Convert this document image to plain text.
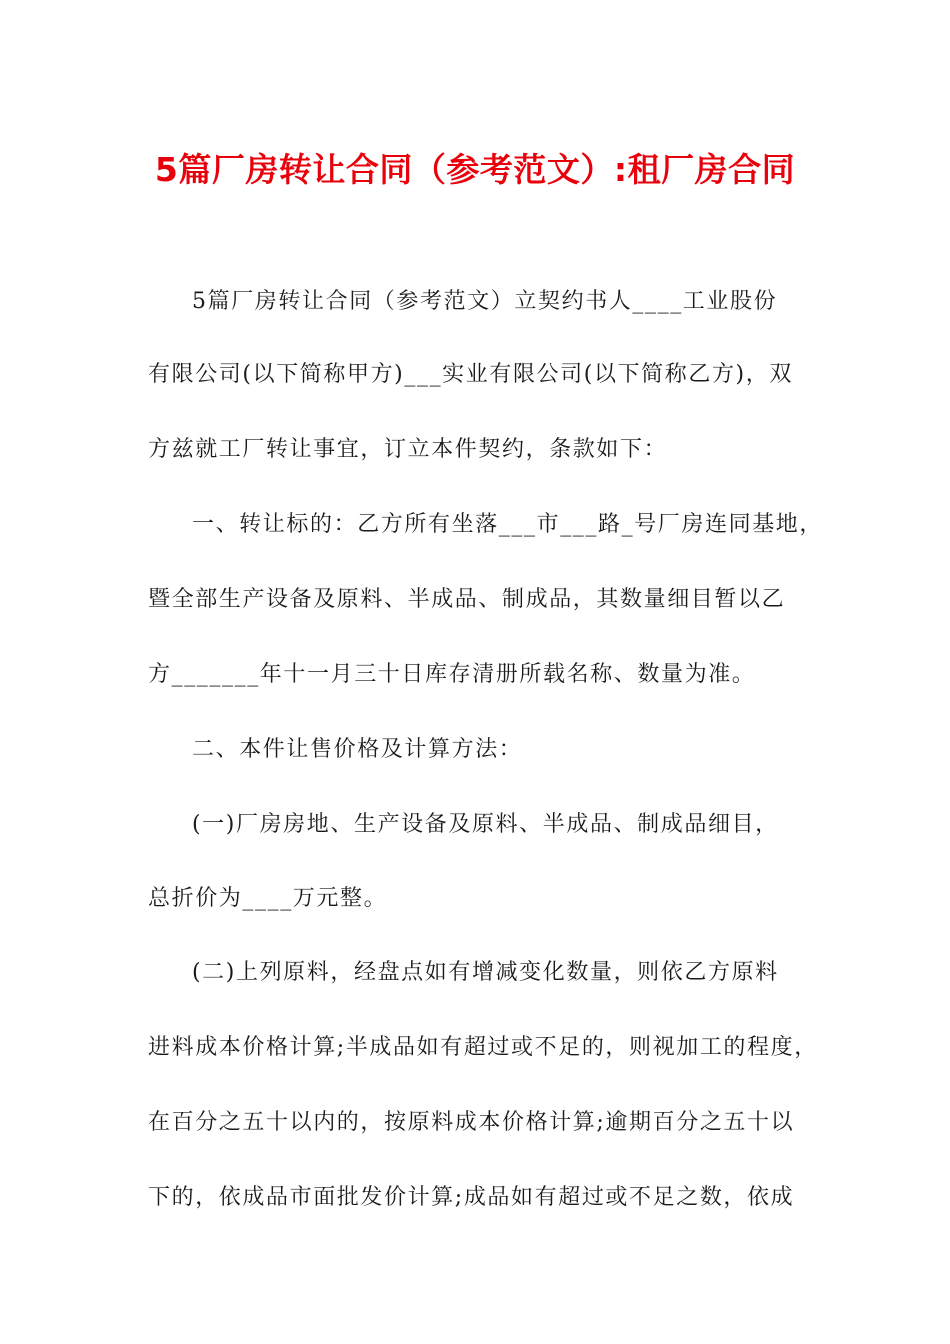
5篇厂房转让合同（参考范文）:租厂房合同
5篇厂房转让合同（参考范文）立契约书人____工业股份
有限公司(以下简称甲方)___实业有限公司(以下简称乙方)，双
方兹就工厂转让事宜，订立本件契约，条款如下：
一、转让标的：乙方所有坐落___市___路_号厂房连同基地，
暨全部生产设备及原料、半成品、制成品，其数量细目暂以乙
方_______年十一月三十日库存清册所载名称、数量为准。
二、本件让售价格及计算方法：
(一)厂房房地、生产设备及原料、半成品、制成品细目，
总折价为____万元整。
(二)上列原料，经盘点如有增减变化数量，则依乙方原料
进料成本价格计算;半成品如有超过或不足的，则视加工的程度，
在百分之五十以内的，按原料成本价格计算;逾期百分之五十以
下的，依成品市面批发价计算;成品如有超过或不足之数，依成
